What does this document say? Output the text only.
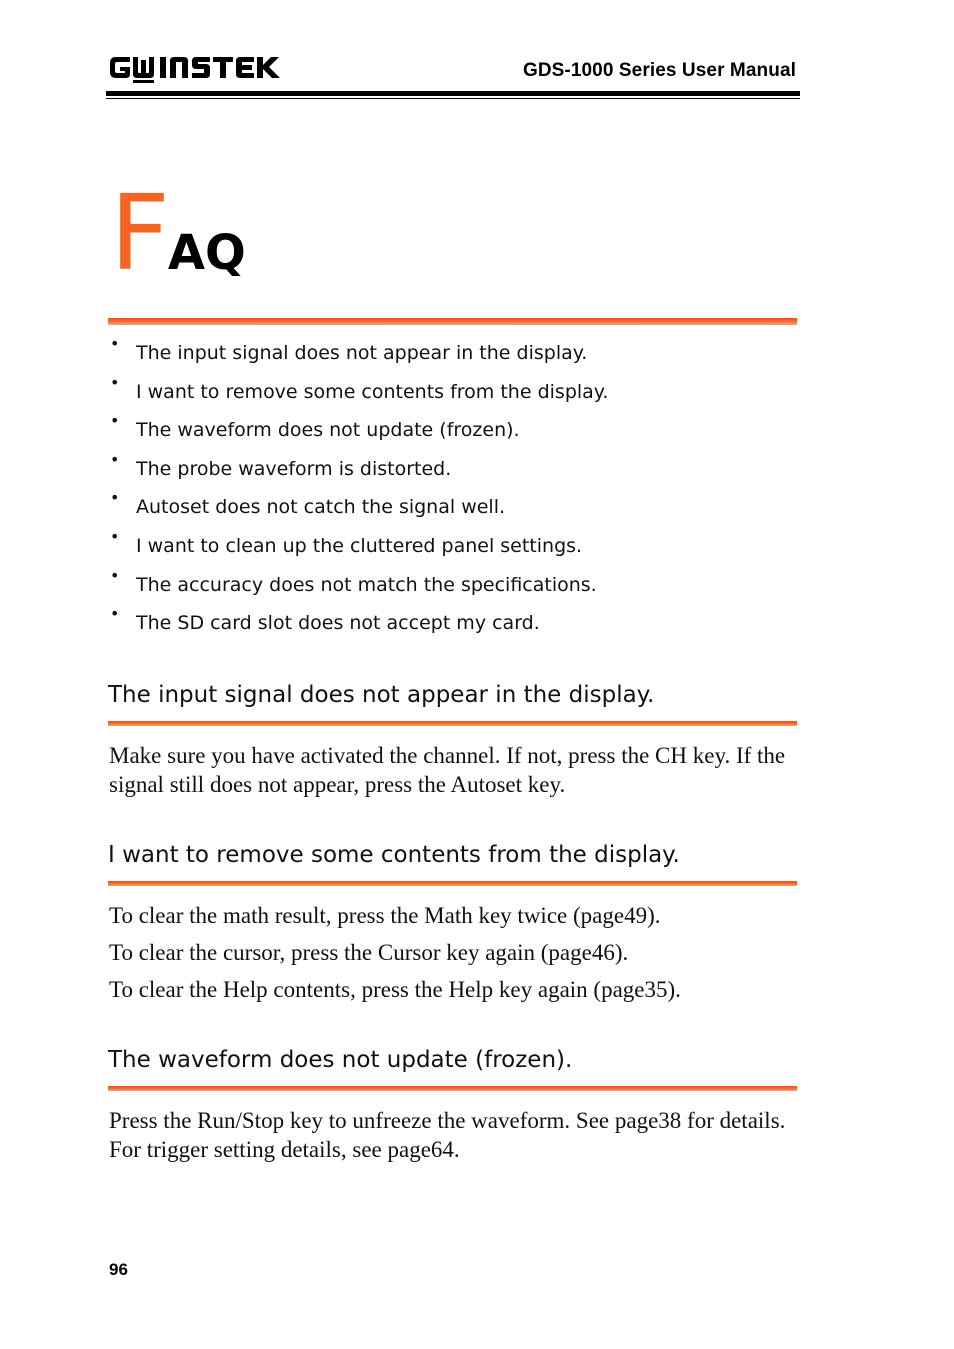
GDS-1000 Series User Manual
FAQ
• The input signal does not appear in the display.
• I want to remove some contents from the display.
• The waveform does not update (frozen).
• The probe waveform is distorted.
• Autoset does not catch the signal well.
• I want to clean up the cluttered panel settings.
• The accuracy does not match the specifications.
• The SD card slot does not accept my card.
The input signal does not appear in the display.

Make sure you have activated the channel. If not, press the CH key. If the signal still does not appear, press the Autoset key.

I want to remove some contents from the display.

To clear the math result, press the Math key twice (page49).

To clear the cursor, press the Cursor key again (page46).

To clear the Help contents, press the Help key again (page35).

The waveform does not update (frozen).

Press the Run/Stop key to unfreeze the waveform. See page38 for details. For trigger setting details, see page64.

96
